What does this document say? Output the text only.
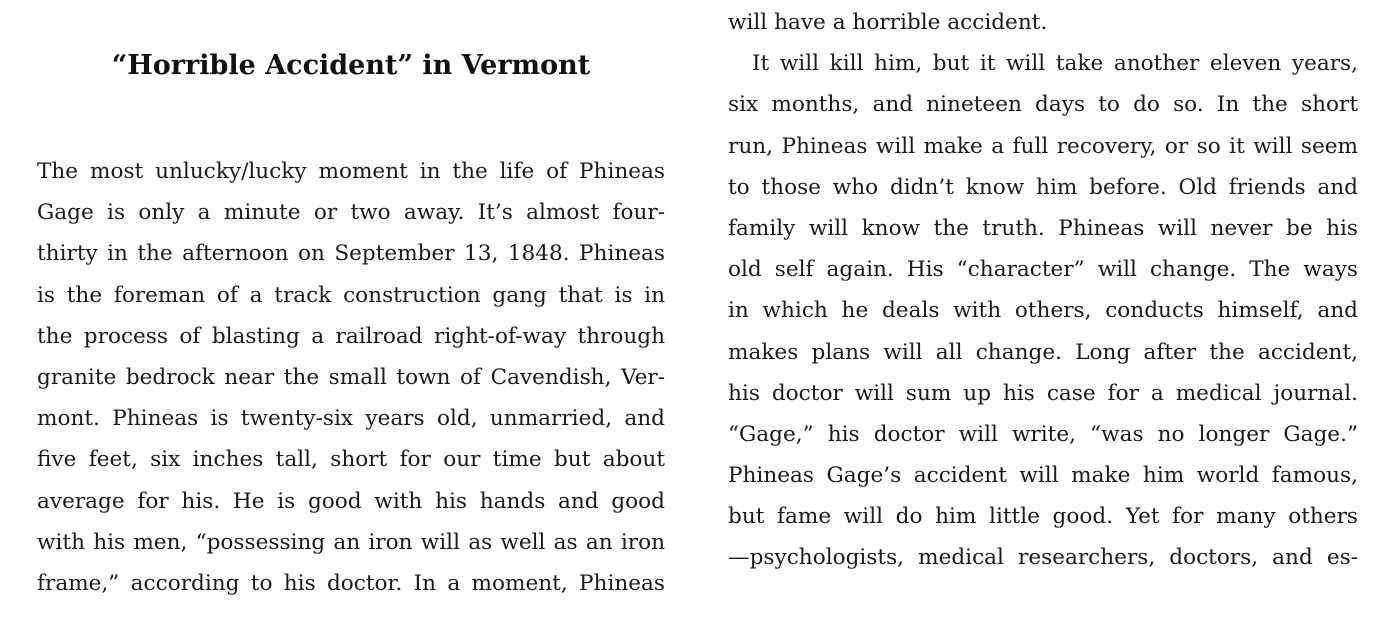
“Horrible Accident” in Vermont
The most unlucky/lucky moment in the life of Phineas
Gage is only a minute or two away. It’s almost four-
thirty in the afternoon on September 13, 1848. Phineas
is the foreman of a track construction gang that is in
the process of blasting a railroad right-of-way through
granite bedrock near the small town of Cavendish, Ver-
mont. Phineas is twenty-six years old, unmarried, and
five feet, six inches tall, short for our time but about
average for his. He is good with his hands and good
with his men, “possessing an iron will as well as an iron
frame,” according to his doctor. In a moment, Phineas
will have a horrible accident.
It will kill him, but it will take another eleven years,
six months, and nineteen days to do so. In the short
run, Phineas will make a full recovery, or so it will seem
to those who didn’t know him before. Old friends and
family will know the truth. Phineas will never be his
old self again. His “character” will change. The ways
in which he deals with others, conducts himself, and
makes plans will all change. Long after the accident,
his doctor will sum up his case for a medical journal.
“Gage,” his doctor will write, “was no longer Gage.”
Phineas Gage’s accident will make him world famous,
but fame will do him little good. Yet for many others
—psychologists, medical researchers, doctors, and es-
